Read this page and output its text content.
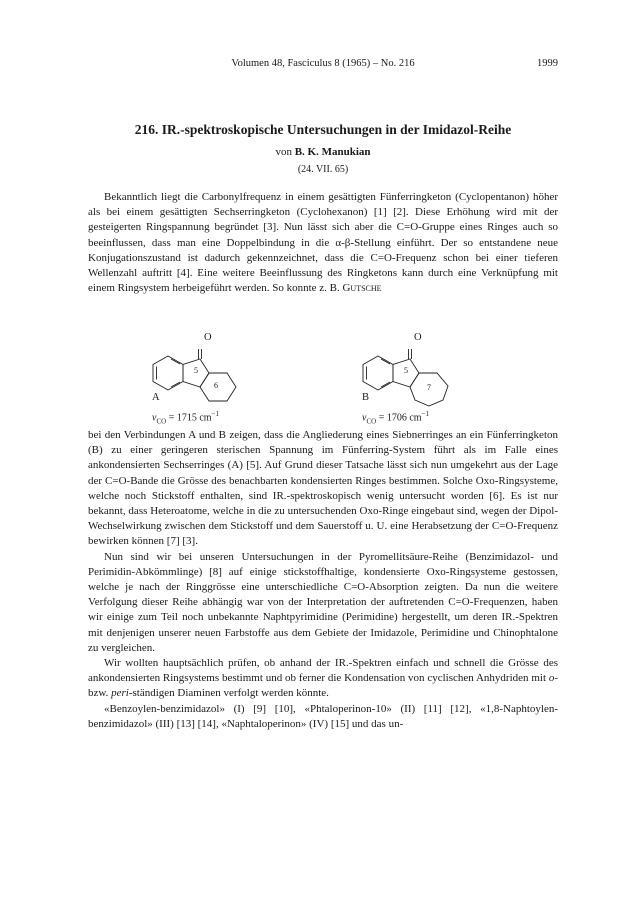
Volumen 48, Fasciculus 8 (1965) – No. 216	1999
216. IR.-spektroskopische Untersuchungen in der Imidazol-Reihe
von B. K. Manukian
(24. VII. 65)

Bekanntlich liegt die Carbonylfrequenz in einem gesättigten Fünferringketon (Cyclopentanon) höher als bei einem gesättigten Sechserringketon (Cyclohexanon) [1] [2]. Diese Erhöhung wird mit der gesteigerten Ringspannung begründet [3]. Nun lässt sich aber die C=O-Gruppe eines Ringes auch so beeinflussen, dass man eine Doppelbindung in die α-β-Stellung einführt. Der so entstandene neue Konjugationszustand ist dadurch gekennzeichnet, dass die C=O-Frequenz schon bei einer tieferen Wellenzahl auftritt [4]. Eine weitere Beeinflussung des Ringketons kann durch eine Verknüpfung mit einem Ringsystem herbeigeführt werden. So konnte z. B. Gutsche

O
5
6
A
$\nu_{CO} = 1715$ $cm^{-1}$
O
5
7
B
$\nu_{CO} = 1706$ $cm^{-1}$

bei den Verbindungen A und B zeigen, dass die Angliederung eines Siebnerringes an ein Fünferringketon (B) zu einer geringeren sterischen Spannung im Fünferring-System führt als im Falle eines ankondensierten Sechserringes (A) [5]. Auf Grund dieser Tatsache lässt sich nun umgekehrt aus der Lage der C=O-Bande die Grösse des benachbarten kondensierten Ringes bestimmen. Solche Oxo-Ringsysteme, welche noch Stickstoff enthalten, sind IR.-spektroskopisch wenig untersucht worden [6]. Es ist nur bekannt, dass Heteroatome, welche in die zu untersuchenden Oxo-Ringe eingebaut sind, wegen der Dipol-Wechselwirkung zwischen dem Stickstoff und dem Sauerstoff u. U. eine Herabsetzung der C=O-Frequenz bewirken können [7] [3].

Nun sind wir bei unseren Untersuchungen in der Pyromellitsäure-Reihe (Benzimidazol- und Perimidin-Abkömmlinge) [8] auf einige stickstoffhaltige, kondensierte Oxo-Ringsysteme gestossen, welche je nach der Ringgrösse eine unterschiedliche C=O-Absorption zeigten. Da nun die weitere Verfolgung dieser Reihe abhängig war von der Interpretation der auftretenden C=O-Frequenzen, haben wir einige zum Teil noch unbekannte Naphtpyrimidine (Perimidine) hergestellt, um deren IR.-Spektren mit denjenigen unserer neuen Farbstoffe aus dem Gebiete der Imidazole, Perimidine und Chinophtalone zu vergleichen.

Wir wollten hauptsächlich prüfen, ob anhand der IR.-Spektren einfach und schnell die Grösse des ankondensierten Ringsystems bestimmt und ob ferner die Kondensation von cyclischen Anhydriden mit o- bzw. peri-ständigen Diaminen verfolgt werden könnte.

«Benzoylen-benzimidazol» (I) [9] [10], «Phtaloperinon-10» (II) [11] [12], «1,8-Naphtoylen-benzimidazol» (III) [13] [14], «Naphtaloperinon» (IV) [15] und das un-
